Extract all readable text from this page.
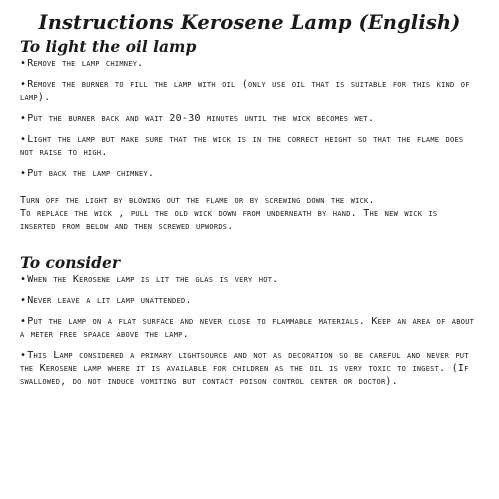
Instructions Kerosene Lamp (English)
To light the oil lamp
• Remove the lamp chimney.
• Remove the burner to fill the lamp with oil (only use oil that is suitable for this kind of lamp).
• Put the burner back and wait 20-30 minutes until the wick becomes wet.
• Light the lamp but make sure that the wick is in the correct height so that the flame does not raise to high.
• Put back the lamp chimney.

Turn off the light by blowing out the flame or by screwing down the wick.

To replace the wick , pull the old wick down from underneath by hand. The new wick is inserted from below and then screwed upwords.

To consider
• When the Kerosene lamp is lit the glas is very hot.
• Never leave a lit lamp unattended.
• Put the lamp on a flat surface and never close to flammable materials. Keep an area of about a meter free spaace above the lamp.
• This Lamp considered a primary lightsource and not as decoration so be careful and never put the Kerosene lamp where it is available for children as the oil is very toxic to ingest. (If swallowed, do not induce vomiting but contact poison control center or doctor).
